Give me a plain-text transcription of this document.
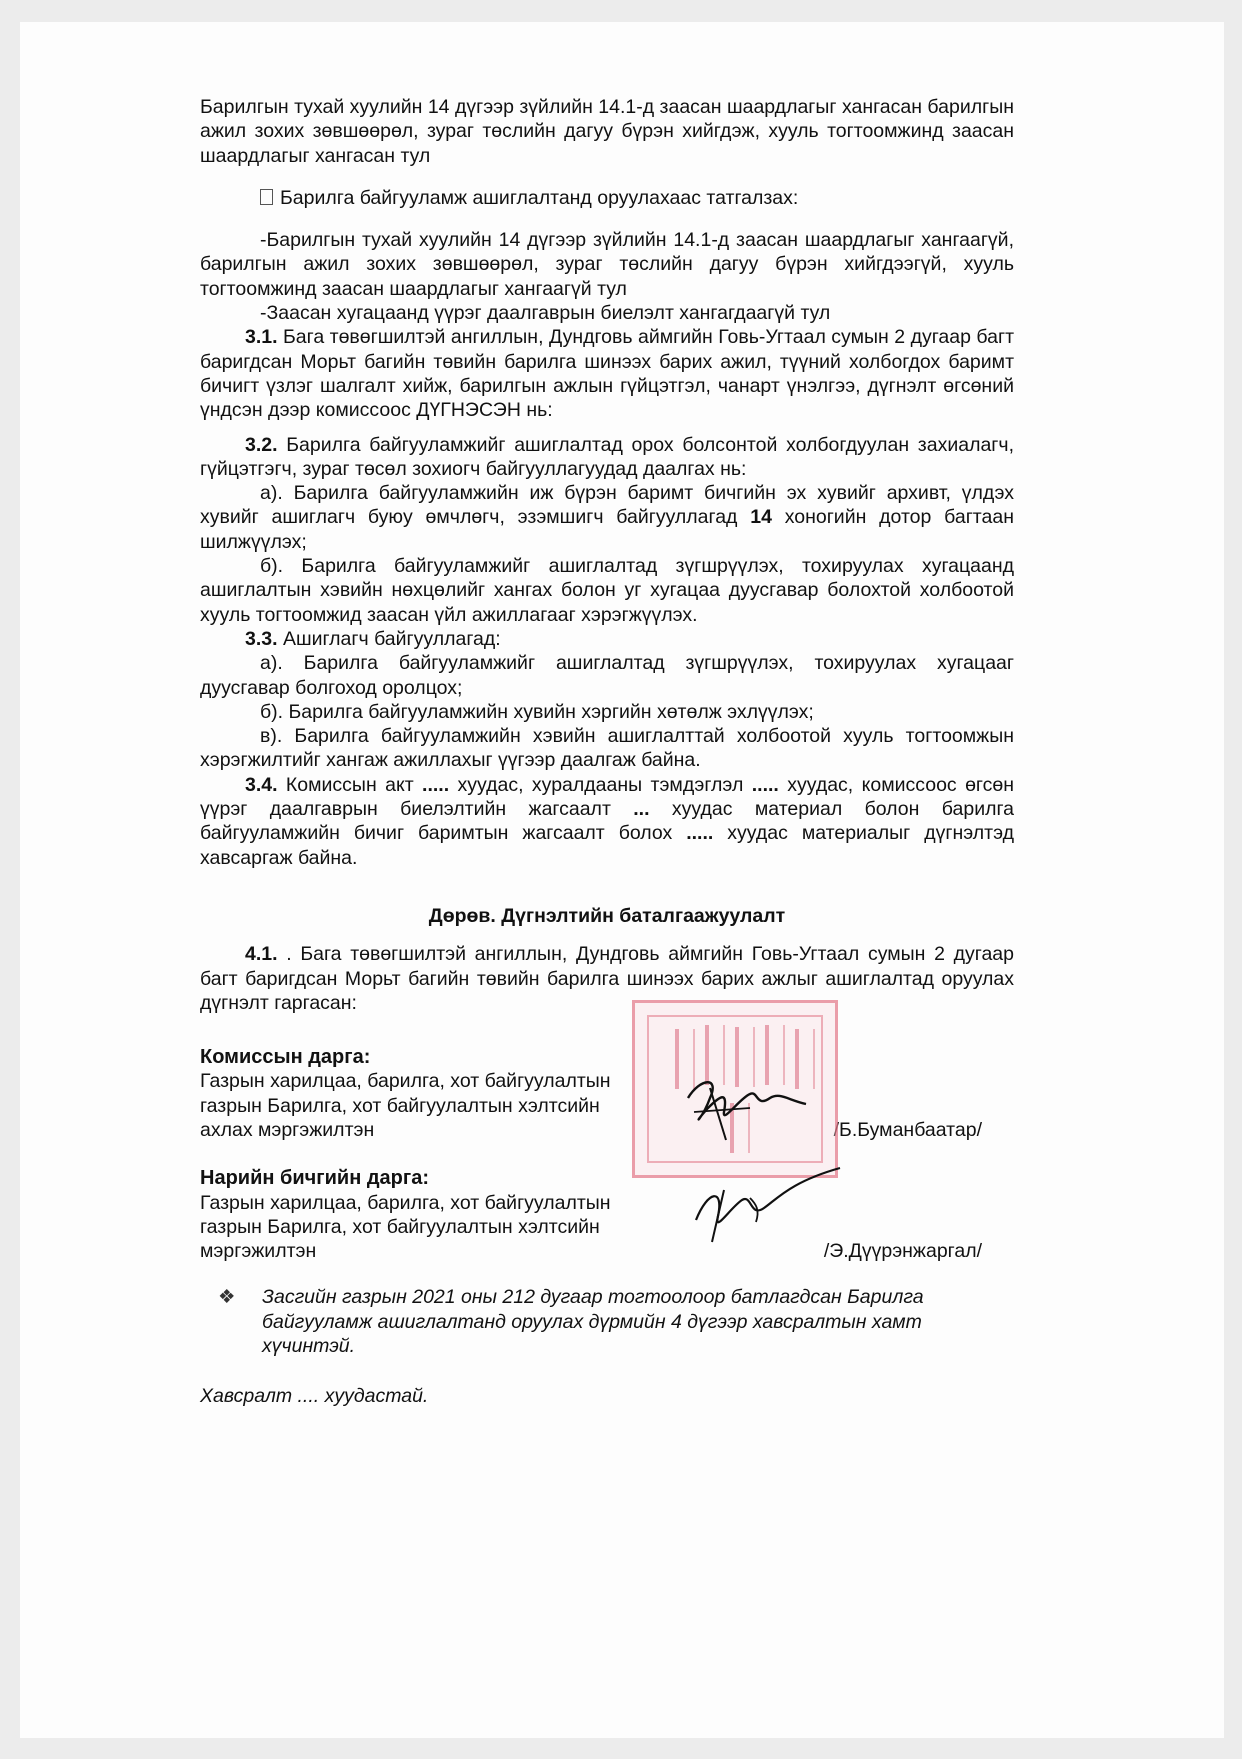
Барилгын тухай хуулийн 14 дүгээр зүйлийн 14.1-д заасан шаардлагыг хангасан барилгын ажил зохих зөвшөөрөл, зураг төслийн дагуу бүрэн хийгдэж, хууль тогтоомжинд заасан шаардлагыг хангасан тул

Барилга байгууламж ашиглалтанд оруулахаас татгалзах:

-Барилгын тухай хуулийн 14 дүгээр зүйлийн 14.1-д заасан шаардлагыг хангаагүй, барилгын ажил зохих зөвшөөрөл, зураг төслийн дагуу бүрэн хийгдээгүй, хууль тогтоомжинд заасан шаардлагыг хангаагүй тул

-Заасан хугацаанд үүрэг даалгаврын биелэлт хангагдаагүй тул

3.1. Бага төвөгшилтэй ангиллын, Дундговь аймгийн Говь-Угтаал сумын 2 дугаар багт баригдсан Морьт багийн төвийн барилга шинээх барих ажил, түүний холбогдох баримт бичигт үзлэг шалгалт хийж, барилгын ажлын гүйцэтгэл, чанарт үнэлгээ, дүгнэлт өгсөний үндсэн дээр комиссоос ДҮГНЭСЭН нь:

3.2. Барилга байгууламжийг ашиглалтад орох болсонтой холбогдуулан захиалагч, гүйцэтгэгч, зураг төсөл зохиогч байгууллагуудад даалгах нь:

а). Барилга байгууламжийн иж бүрэн баримт бичгийн эх хувийг архивт, үлдэх хувийг ашиглагч буюу өмчлөгч, эзэмшигч байгууллагад 14 хоногийн дотор багтаан шилжүүлэх;

б). Барилга байгууламжийг ашиглалтад зүгшрүүлэх, тохируулах хугацаанд ашиглалтын хэвийн нөхцөлийг хангах болон уг хугацаа дуусгавар болохтой холбоотой хууль тогтоомжид заасан үйл ажиллагааг хэрэгжүүлэх.

3.3. Ашиглагч байгууллагад:

а). Барилга байгууламжийг ашиглалтад зүгшрүүлэх, тохируулах хугацааг дуусгавар болгоход оролцох;

б). Барилга байгууламжийн хувийн хэргийн хөтөлж эхлүүлэх;

в). Барилга байгууламжийн хэвийн ашиглалттай холбоотой хууль тогтоомжын хэрэгжилтийг хангаж ажиллахыг үүгээр даалгаж байна.

3.4. Комиссын акт ..... хуудас, хуралдааны тэмдэглэл ..... хуудас, комиссоос өгсөн үүрэг даалгаврын биелэлтийн жагсаалт ... хуудас материал болон барилга байгууламжийн бичиг баримтын жагсаалт болох ..... хуудас материалыг дүгнэлтэд хавсаргаж байна.

Дөрөв. Дүгнэлтийн баталгаажуулалт

4.1. . Бага төвөгшилтэй ангиллын, Дундговь аймгийн Говь-Угтаал сумын 2 дугаар багт баригдсан Морьт багийн төвийн барилга шинээх барих ажлыг ашиглалтад оруулах дүгнэлт гаргасан:

Комиссын дарга:
Газрын харилцаа, барилга, хот байгуулалтын
газрын Барилга, хот байгуулалтын хэлтсийн
ахлах мэргэжилтэн	/Б.Буманбаатар/
Нарийн бичгийн дарга:
Газрын харилцаа, барилга, хот байгуулалтын
газрын Барилга, хот байгуулалтын хэлтсийн
мэргэжилтэн	/Э.Дүүрэнжаргал/
❖	Засгийн газрын 2021 оны 212 дугаар тогтоолоор батлагдсан Барилга байгууламж ашиглалтанд оруулах дүрмийн 4 дүгээр хавсралтын хамт хүчинтэй.

Хавсралт .... хуудастай.
